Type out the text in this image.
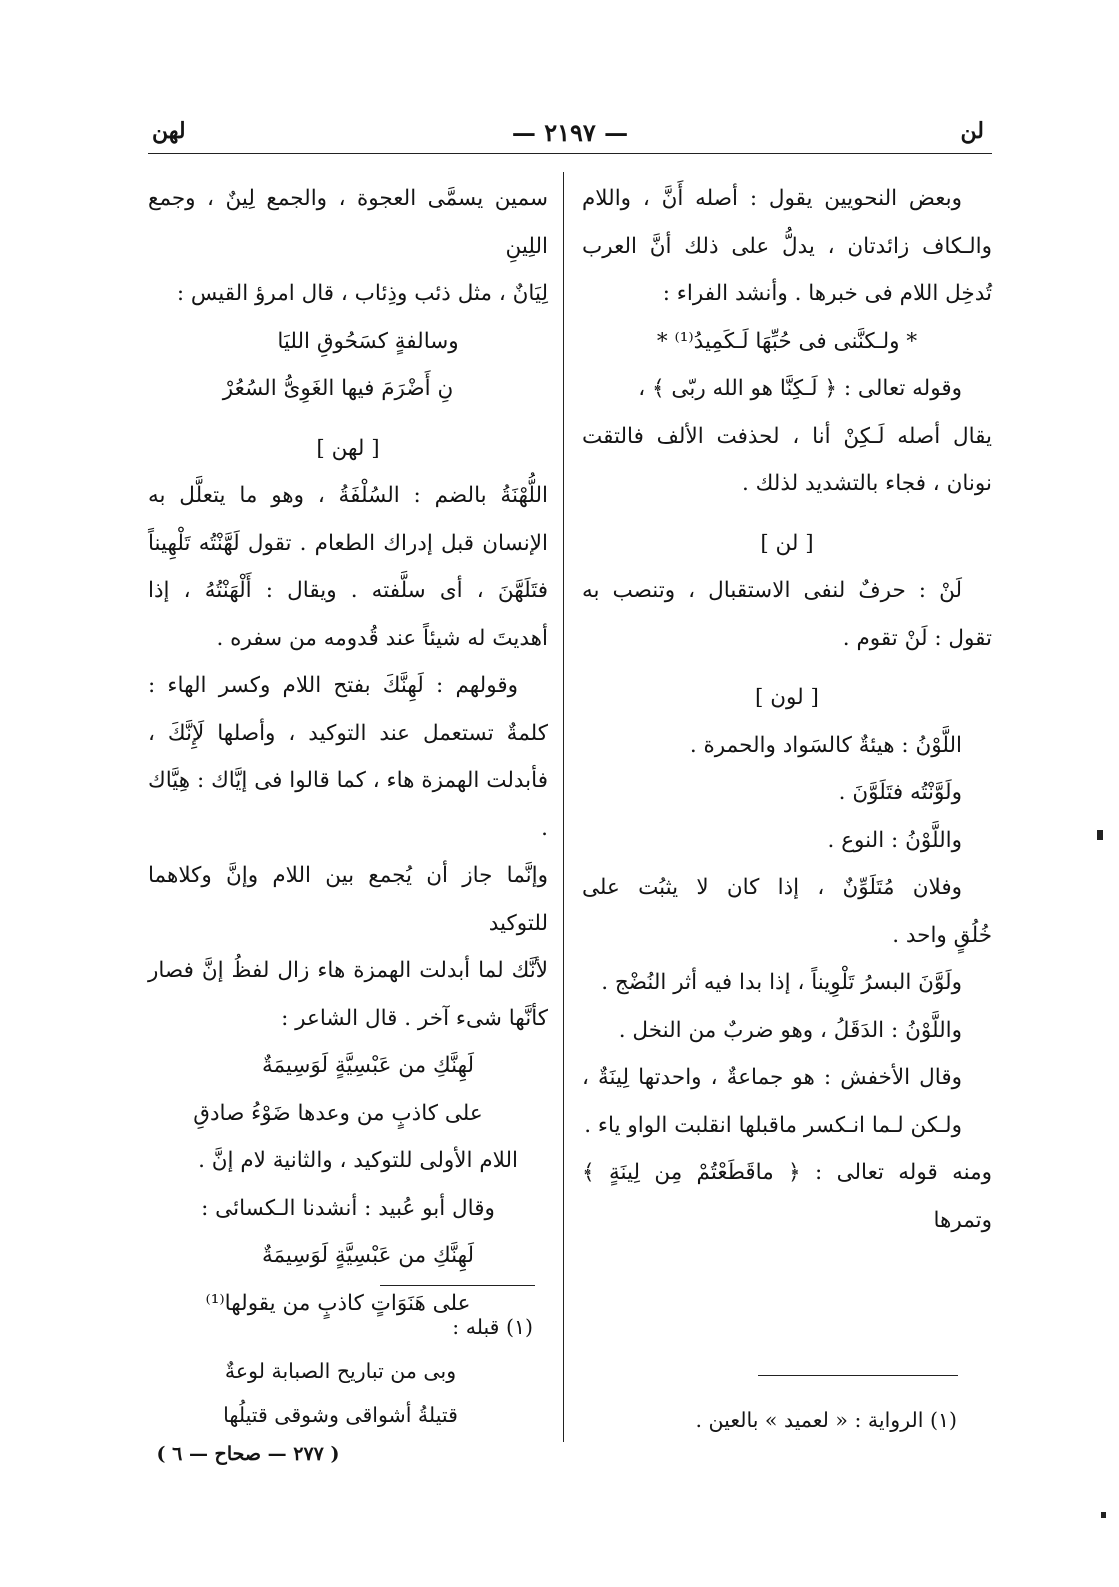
لن
— ٢١٩٧ —
لهن

وبعض النحويين يقول : أصله أَنَّ ، واللام

والـكاف زائدتان ، يدلُّ على ذلك أنَّ العرب

تُدخِل اللام فى خبرها . وأنشد الفراء :

* ولـكنَّنى فى حُبِّهَا لَـكَمِيدُ⁽¹⁾ *

وقوله تعالى : ﴿ لَـكِنَّا هو الله ربّى ﴾ ،

يقال أصله لَـكِنْ أنا ، لحذفت الألف فالتقت

نونان ، فجاء بالتشديد لذلك .

[ لن ]

لَنْ : حرفٌ لنفى الاستقبال ، وتنصب به

تقول : لَنْ تقوم .

[ لون ]

اللَّوْنُ : هيئةٌ كالسَواد والحمرة .

ولَوَّنْتُه فتَلَوَّنَ .

واللَّوْنُ : النوع .

وفلان مُتَلَوِّنٌ ، إذا كان لا يثبُت على

خُلُقٍ واحد .

ولَوَّنَ البسرُ تَلْوِيناً ، إذا بدا فيه أثر النُضْج .

واللَّوْنُ : الدَقَلُ ، وهو ضربٌ من النخل .

وقال الأخفش : هو جماعةٌ ، واحدتها لِينَةٌ ،

ولـكن لـما انـكسر ماقبلها انقلبت الواو ياء .

ومنه قوله تعالى : ﴿ ماقَطَعْتُمْ مِن لِينَةٍ ﴾ وتمرها

(١) الرواية : « لعميد » بالعين .

سمين يسمَّى العجوة ، والجمع لِينٌ ، وجمع اللِينِ

لِيَانٌ ، مثل ذئب وذِئاب ، قال امرؤ القيس :

وسالفةٍ كسَحُوقِ الليَا

نِ أَضْرَمَ فيها الغَوِىُّ السُعُرْ

[ لهن ]

اللُّهْنَةُ بالضم : السُلْفَةُ ، وهو ما يتعلَّل به

الإنسان قبل إدراك الطعام . تقول لَهَّنْتُه تَلْهِيناً

فتَلَهَّنَ ، أى سلَّفته . ويقال : أَلْهَنْتُهُ ، إذا

أهديتَ له شيئاً عند قُدومه من سفره .

وقولهم : لَهِنَّكَ بفتح اللام وكسر الهاء :

كلمةٌ تستعمل عند التوكيد ، وأصلها لَإِنَّكَ ،

فأبدلت الهمزة هاء ، كما قالوا فى إيَّاك : هِيَّاك .

وإنَّما جاز أن يُجمع بين اللام وإنَّ وكلاهما للتوكيد

لأنَّك لما أبدلت الهمزة هاء زال لفظُ إنَّ فصار

كأنَّها شىء آخر . قال الشاعر :

لَهِنَّكِ من عَبْسِيَّةٍ لَوَسِيمَةٌ

على كاذبٍ من وعدها ضَوْءُ صادقِ

اللام الأولى للتوكيد ، والثانية لام إنَّ .

وقال أبو عُبيد : أنشدنا الـكسائى :

لَهِنَّكِ من عَبْسِيَّةٍ لَوَسِيمَةٌ

على هَنَوَاتٍ كاذبٍ من يقولها⁽¹⁾

(١) قبله :

وبى من تباريح الصبابة لوعةٌ

قتيلةُ أشواقى وشوقى قتيلُها

( ٢٧٧ — صحاح — ٦ )
